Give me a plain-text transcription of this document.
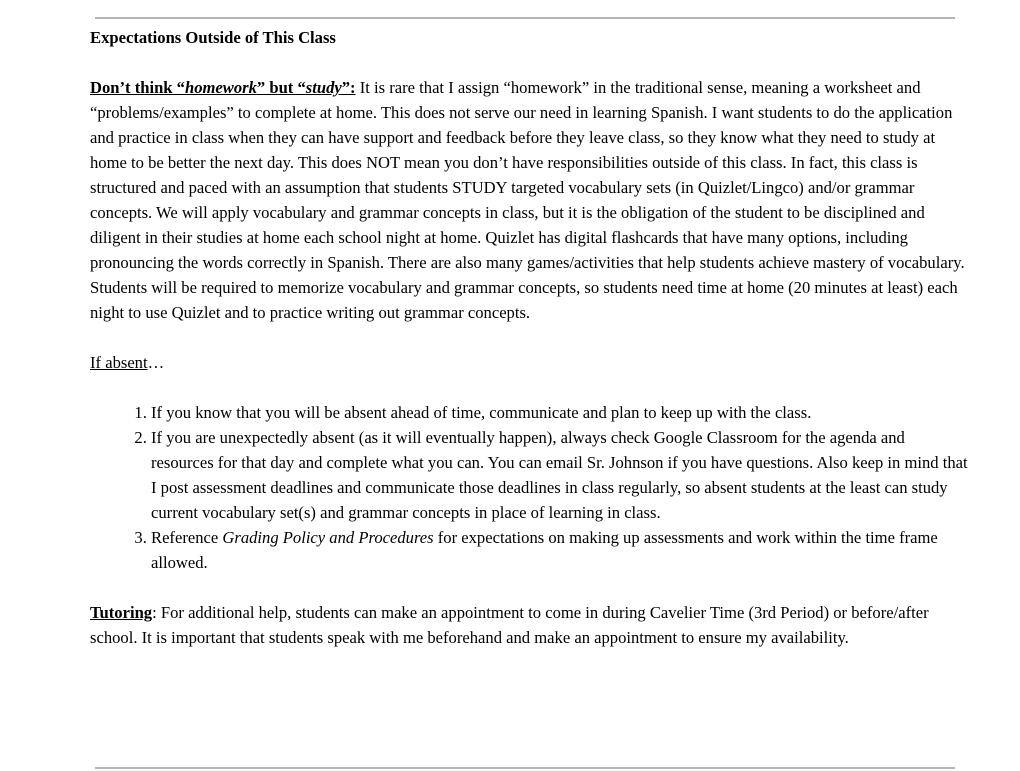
Expectations Outside of This Class

Don’t think “homework” but “study”: It is rare that I assign “homework” in the traditional sense, meaning a worksheet and “problems/examples” to complete at home. This does not serve our need in learning Spanish. I want students to do the application and practice in class when they can have support and feedback before they leave class, so they know what they need to study at home to be better the next day. This does NOT mean you don’t have responsibilities outside of this class. In fact, this class is structured and paced with an assumption that students STUDY targeted vocabulary sets (in Quizlet/Lingco) and/or grammar concepts. We will apply vocabulary and grammar concepts in class, but it is the obligation of the student to be disciplined and diligent in their studies at home each school night at home. Quizlet has digital flashcards that have many options, including pronouncing the words correctly in Spanish. There are also many games/activities that help students achieve mastery of vocabulary. Students will be required to memorize vocabulary and grammar concepts, so students need time at home (20 minutes at least) each night to use Quizlet and to practice writing out grammar concepts.

If absent…

1. If you know that you will be absent ahead of time, communicate and plan to keep up with the class.
2. If you are unexpectedly absent (as it will eventually happen), always check Google Classroom for the agenda and resources for that day and complete what you can. You can email Sr. Johnson if you have questions. Also keep in mind that I post assessment deadlines and communicate those deadlines in class regularly, so absent students at the least can study current vocabulary set(s) and grammar concepts in place of learning in class.
3. Reference Grading Policy and Procedures for expectations on making up assessments and work within the time frame allowed.

Tutoring: For additional help, students can make an appointment to come in during Cavelier Time (3rd Period) or before/after school. It is important that students speak with me beforehand and make an appointment to ensure my availability.
